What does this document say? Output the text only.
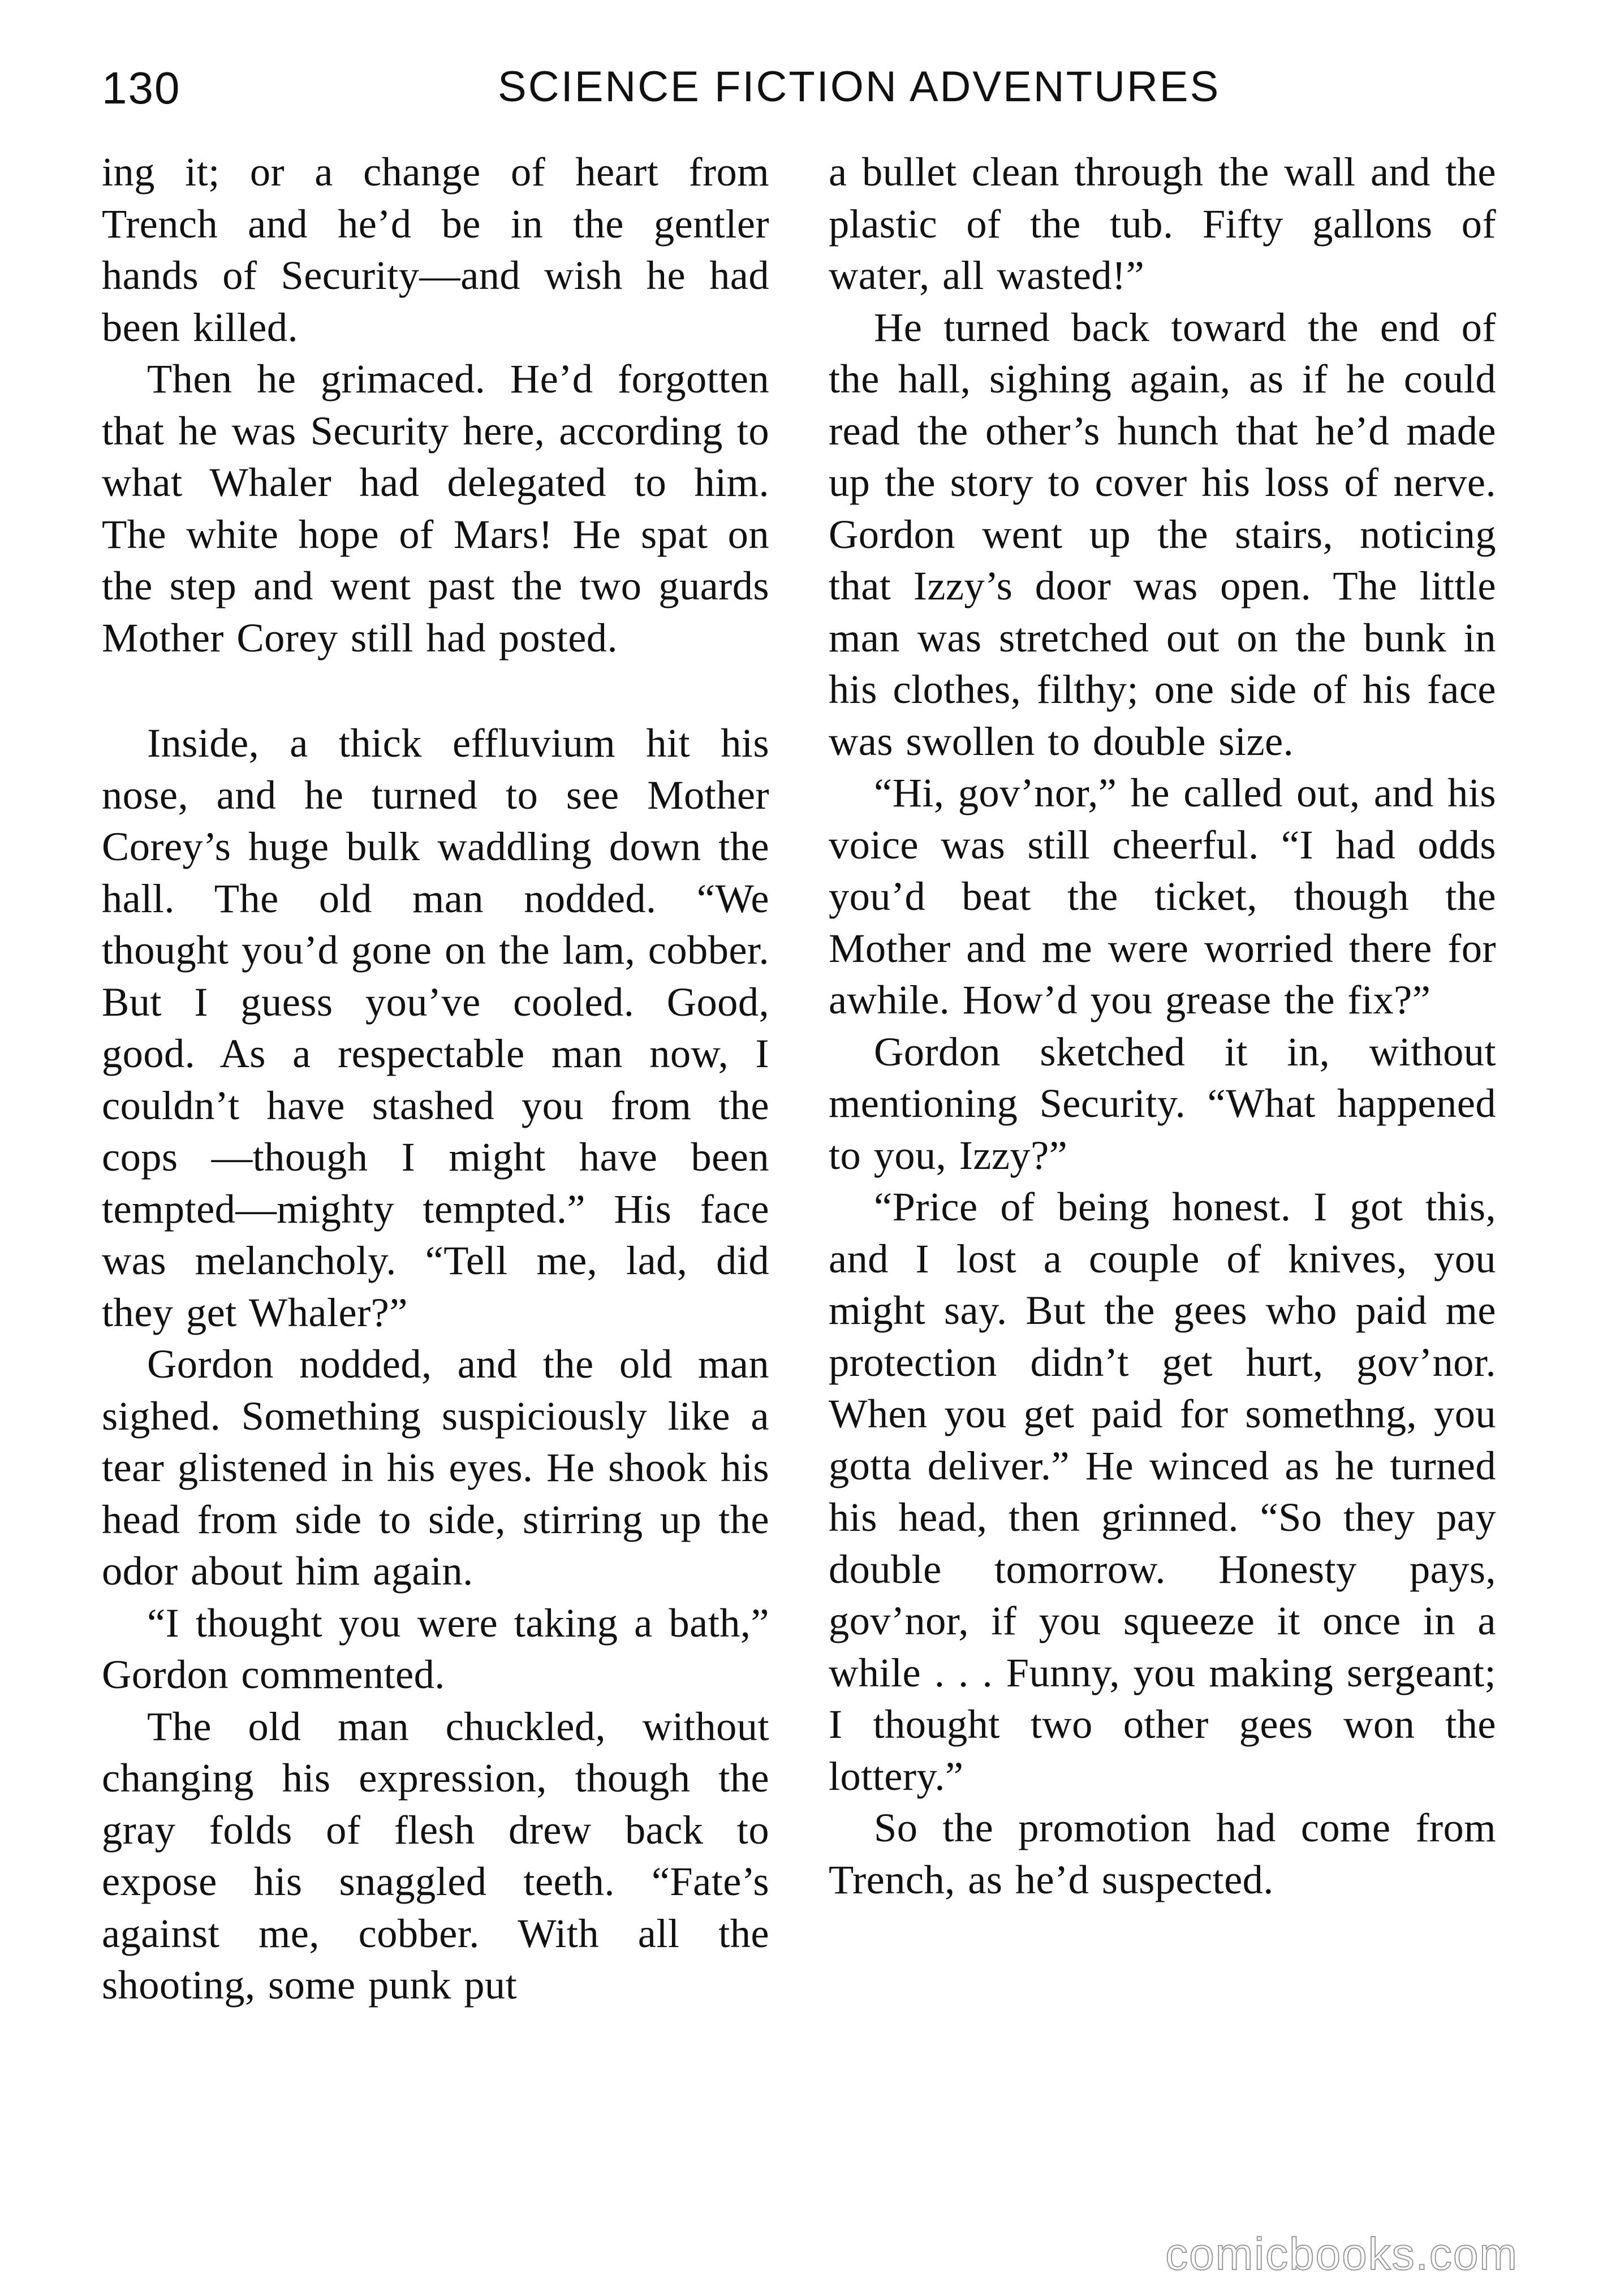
130	SCIENCE FICTION ADVENTURES

ing it; or a change of heart from Trench and he’d be in the gentler hands of Security—and wish he had been killed.

Then he grimaced. He’d forgotten that he was Security here, according to what Whaler had delegated to him. The white hope of Mars! He spat on the step and went past the two guards Mother Corey still had posted.

Inside, a thick effluvium hit his nose, and he turned to see Mother Corey’s huge bulk waddling down the hall. The old man nodded. “We thought you’d gone on the lam, cobber. But I guess you’ve cooled. Good, good. As a respectable man now, I couldn’t have stashed you from the cops —though I might have been tempted—mighty tempted.” His face was melancholy. “Tell me, lad, did they get Whaler?”

Gordon nodded, and the old man sighed. Something suspiciously like a tear glistened in his eyes. He shook his head from side to side, stirring up the odor about him again.

“I thought you were taking a bath,” Gordon commented.

The old man chuckled, without changing his expression, though the gray folds of flesh drew back to expose his snaggled teeth. “Fate’s against me, cobber. With all the shooting, some punk put

a bullet clean through the wall and the plastic of the tub. Fifty gallons of water, all wasted!”

He turned back toward the end of the hall, sighing again, as if he could read the other’s hunch that he’d made up the story to cover his loss of nerve. Gordon went up the stairs, noticing that Izzy’s door was open. The little man was stretched out on the bunk in his clothes, filthy; one side of his face was swollen to double size.

“Hi, gov’nor,” he called out, and his voice was still cheerful. “I had odds you’d beat the ticket, though the Mother and me were worried there for awhile. How’d you grease the fix?”

Gordon sketched it in, without mentioning Security. “What happened to you, Izzy?”

“Price of being honest. I got this, and I lost a couple of knives, you might say. But the gees who paid me protection didn’t get hurt, gov’nor. When you get paid for somethng, you gotta deliver.” He winced as he turned his head, then grinned. “So they pay double tomorrow. Honesty pays, gov’nor, if you squeeze it once in a while . . . Funny, you making sergeant; I thought two other gees won the lottery.”

So the promotion had come from Trench, as he’d suspected.

comicbooks.com
